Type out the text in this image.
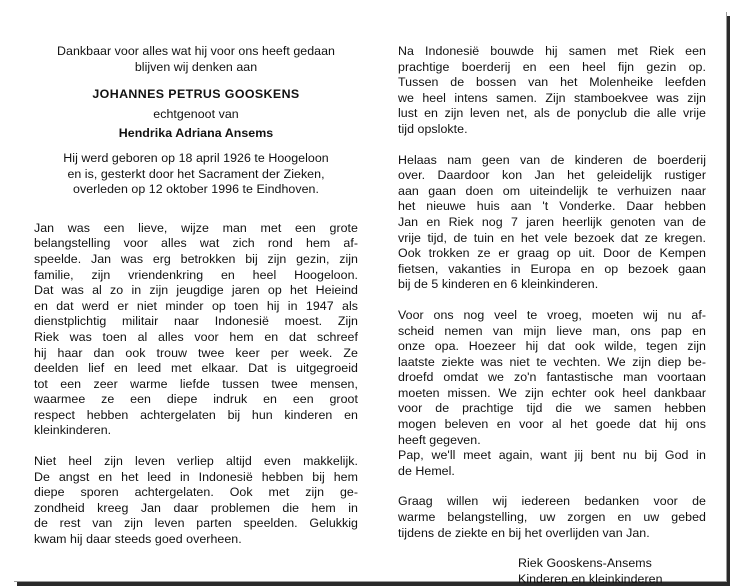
Dankbaar voor alles wat hij voor ons heeft gedaan
blijven wij denken aan
JOHANNES PETRUS GOOSKENS
echtgenoot van
Hendrika Adriana Ansems
Hij werd geboren op 18 april 1926 te Hoogeloon
en is, gesterkt door het Sacrament der Zieken,
overleden op 12 oktober 1996 te Eindhoven.
Jan was een lieve, wijze man met een grote
belangstelling voor alles wat zich rond hem af-
speelde. Jan was erg betrokken bij zijn gezin, zijn
familie, zijn vriendenkring en heel Hoogeloon.
Dat was al zo in zijn jeugdige jaren op het Heieind
en dat werd er niet minder op toen hij in 1947 als
dienstplichtig militair naar Indonesië moest. Zijn
Riek was toen al alles voor hem en dat schreef
hij haar dan ook trouw twee keer per week. Ze
deelden lief en leed met elkaar. Dat is uitgegroeid
tot een zeer warme liefde tussen twee mensen,
waarmee ze een diepe indruk en een groot
respect hebben achtergelaten bij hun kinderen en
kleinkinderen.
Niet heel zijn leven verliep altijd even makkelijk.
De angst en het leed in Indonesië hebben bij hem
diepe sporen achtergelaten. Ook met zijn ge-
zondheid kreeg Jan daar problemen die hem in
de rest van zijn leven parten speelden. Gelukkig
kwam hij daar steeds goed overheen.
Na Indonesië bouwde hij samen met Riek een
prachtige boerderij en een heel fijn gezin op.
Tussen de bossen van het Molenheike leefden
we heel intens samen. Zijn stamboekvee was zijn
lust en zijn leven net, als de ponyclub die alle vrije
tijd opslokte.
Helaas nam geen van de kinderen de boerderij
over. Daardoor kon Jan het geleidelijk rustiger
aan gaan doen om uiteindelijk te verhuizen naar
het nieuwe huis aan 't Vonderke. Daar hebben
Jan en Riek nog 7 jaren heerlijk genoten van de
vrije tijd, de tuin en het vele bezoek dat ze kregen.
Ook trokken ze er graag op uit. Door de Kempen
fietsen, vakanties in Europa en op bezoek gaan
bij de 5 kinderen en 6 kleinkinderen.
Voor ons nog veel te vroeg, moeten wij nu af-
scheid nemen van mijn lieve man, ons pap en
onze opa. Hoezeer hij dat ook wilde, tegen zijn
laatste ziekte was niet te vechten. We zijn diep be-
droefd omdat we zo'n fantastische man voortaan
moeten missen. We zijn echter ook heel dankbaar
voor de prachtige tijd die we samen hebben
mogen beleven en voor al het goede dat hij ons
heeft gegeven.
Pap, we'll meet again, want jij bent nu bij God in
de Hemel.
Graag willen wij iedereen bedanken voor de
warme belangstelling, uw zorgen en uw gebed
tijdens de ziekte en bij het overlijden van Jan.
Riek Gooskens-Ansems
Kinderen en kleinkinderen
